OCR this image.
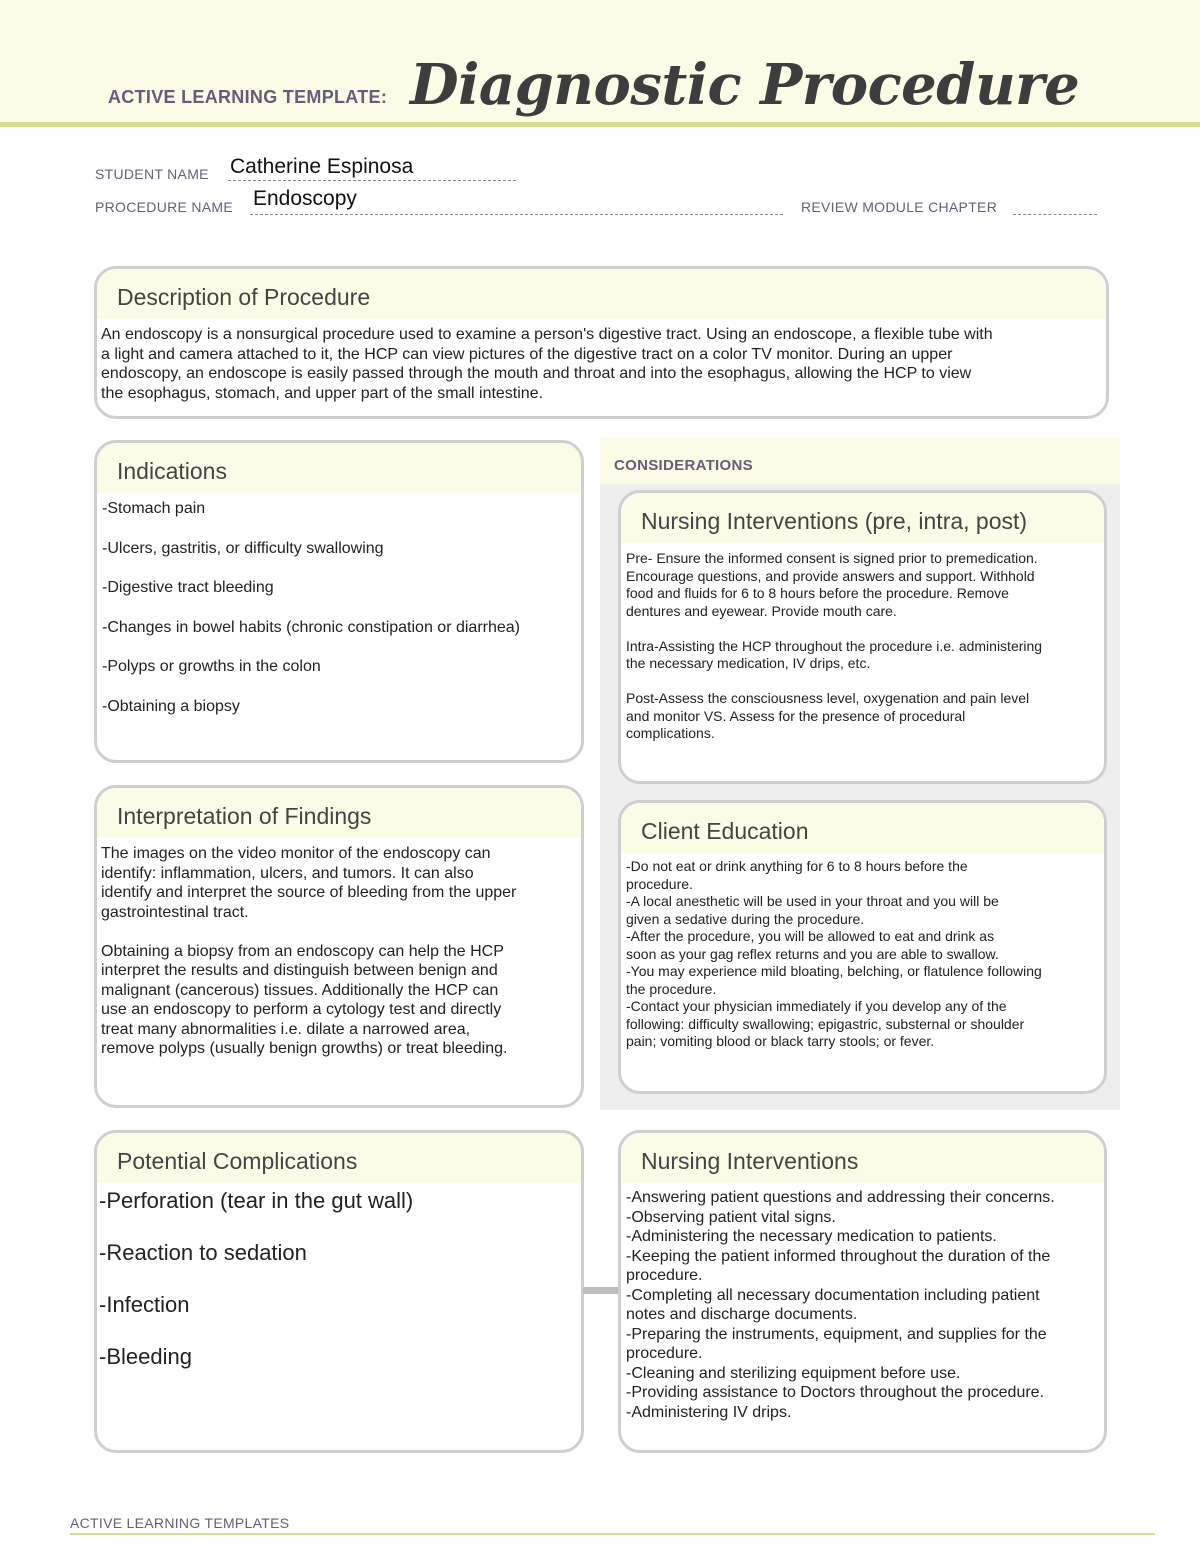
ACTIVE LEARNING TEMPLATE: Diagnostic Procedure
STUDENT NAME Catherine Espinosa
PROCEDURE NAME Endoscopy	REVIEW MODULE CHAPTER
Description of Procedure
An endoscopy is a nonsurgical procedure used to examine a person's digestive tract. Using an endoscope, a flexible tube with
a light and camera attached to it, the HCP can view pictures of the digestive tract on a color TV monitor. During an upper
endoscopy, an endoscope is easily passed through the mouth and throat and into the esophagus, allowing the HCP to view
the esophagus, stomach, and upper part of the small intestine.
Indications
-Stomach pain
-Ulcers, gastritis, or difficulty swallowing
-Digestive tract bleeding
-Changes in bowel habits (chronic constipation or diarrhea)
-Polyps or growths in the colon
-Obtaining a biopsy
CONSIDERATIONS
Nursing Interventions (pre, intra, post)
Pre- Ensure the informed consent is signed prior to premedication.
Encourage questions, and provide answers and support. Withhold
food and fluids for 6 to 8 hours before the procedure. Remove
dentures and eyewear. Provide mouth care.
Intra-Assisting the HCP throughout the procedure i.e. administering
the necessary medication, IV drips, etc.
Post-Assess the consciousness level, oxygenation and pain level
and monitor VS. Assess for the presence of procedural
complications.
Interpretation of Findings
The images on the video monitor of the endoscopy can
identify: inflammation, ulcers, and tumors. It can also
identify and interpret the source of bleeding from the upper
gastrointestinal tract.
Obtaining a biopsy from an endoscopy can help the HCP
interpret the results and distinguish between benign and
malignant (cancerous) tissues. Additionally the HCP can
use an endoscopy to perform a cytology test and directly
treat many abnormalities i.e. dilate a narrowed area,
remove polyps (usually benign growths) or treat bleeding.
Client Education
-Do not eat or drink anything for 6 to 8 hours before the
procedure.
-A local anesthetic will be used in your throat and you will be
given a sedative during the procedure.
-After the procedure, you will be allowed to eat and drink as
soon as your gag reflex returns and you are able to swallow.
-You may experience mild bloating, belching, or flatulence following
the procedure.
-Contact your physician immediately if you develop any of the
following: difficulty swallowing; epigastric, substernal or shoulder
pain; vomiting blood or black tarry stools; or fever.
Potential Complications
-Perforation (tear in the gut wall)
-Reaction to sedation
-Infection
-Bleeding
Nursing Interventions
-Answering patient questions and addressing their concerns.
-Observing patient vital signs.
-Administering the necessary medication to patients.
-Keeping the patient informed throughout the duration of the
procedure.
-Completing all necessary documentation including patient
notes and discharge documents.
-Preparing the instruments, equipment, and supplies for the
procedure.
-Cleaning and sterilizing equipment before use.
-Providing assistance to Doctors throughout the procedure.
-Administering IV drips.
ACTIVE LEARNING TEMPLATES
